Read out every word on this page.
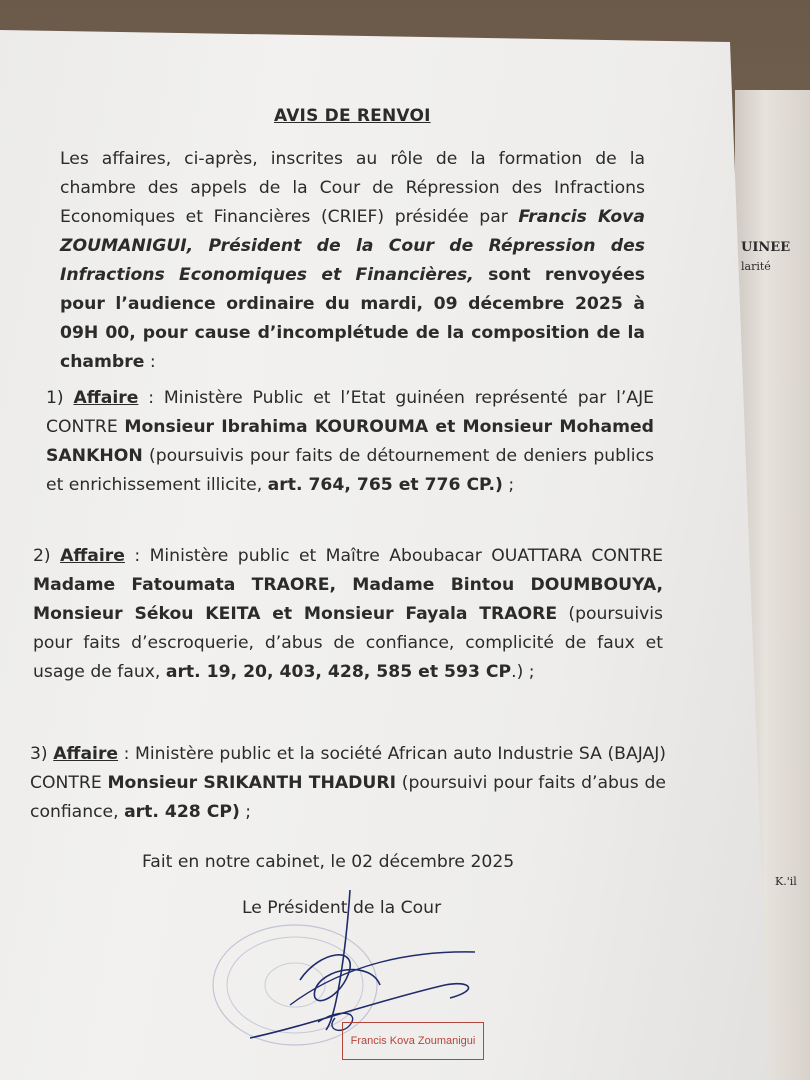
UINEE
larité
K.'il
AVIS DE RENVOI
Les affaires, ci-après, inscrites au rôle de la formation de la chambre des appels de la Cour de Répression des Infractions Economiques et Financières (CRIEF) présidée par Francis Kova ZOUMANIGUI, Président de la Cour de Répression des Infractions Economiques et Financières, sont renvoyées pour l’audience ordinaire du mardi, 09 décembre 2025 à 09H 00, pour cause d’incomplétude de la composition de la chambre :
1) Affaire : Ministère Public et l’Etat guinéen représenté par l’AJE CONTRE Monsieur Ibrahima KOUROUMA et Monsieur Mohamed SANKHON (poursuivis pour faits de détournement de deniers publics et enrichissement illicite, art. 764, 765 et 776 CP.) ;
2) Affaire : Ministère public et Maître Aboubacar OUATTARA CONTRE Madame Fatoumata TRAORE, Madame Bintou DOUMBOUYA, Monsieur Sékou KEITA et Monsieur Fayala TRAORE (poursuivis pour faits d’escroquerie, d’abus de confiance, complicité de faux et usage de faux, art. 19, 20, 403, 428, 585 et 593 CP.) ;
3) Affaire : Ministère public et la société African auto Industrie SA (BAJAJ) CONTRE Monsieur SRIKANTH THADURI (poursuivi pour faits d’abus de confiance, art. 428 CP) ;
Fait en notre cabinet, le 02 décembre 2025
Le Président de la Cour
Francis Kova Zoumanigui
